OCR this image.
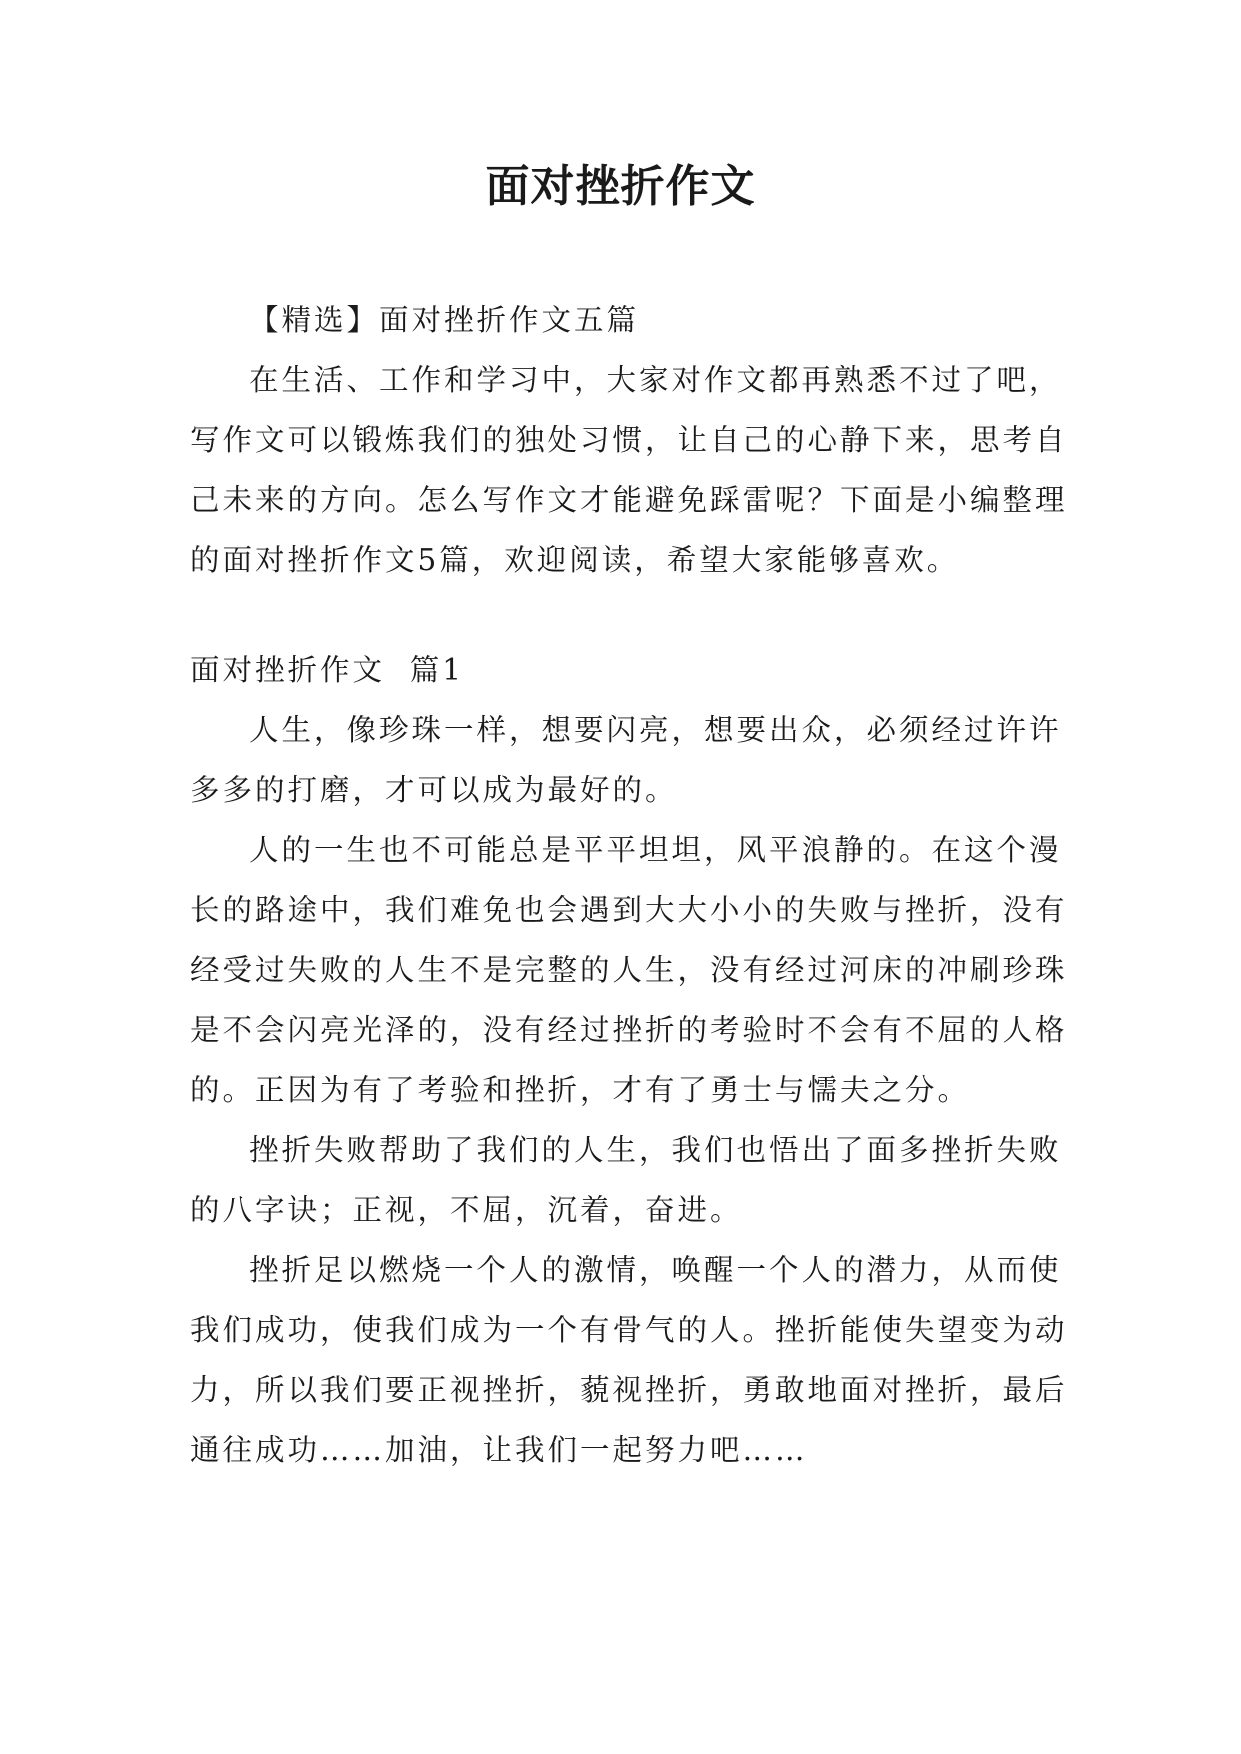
面对挫折作文

【精选】面对挫折作文五篇

在生活、工作和学习中，大家对作文都再熟悉不过了吧，写作文可以锻炼我们的独处习惯，让自己的心静下来，思考自己未来的方向。怎么写作文才能避免踩雷呢？下面是小编整理的面对挫折作文5篇，欢迎阅读，希望大家能够喜欢。

面对挫折作文  篇1

人生，像珍珠一样，想要闪亮，想要出众，必须经过许许多多的打磨，才可以成为最好的。

人的一生也不可能总是平平坦坦，风平浪静的。在这个漫长的路途中，我们难免也会遇到大大小小的失败与挫折，没有经受过失败的人生不是完整的人生，没有经过河床的冲刷珍珠是不会闪亮光泽的，没有经过挫折的考验时不会有不屈的人格的。正因为有了考验和挫折，才有了勇士与懦夫之分。

挫折失败帮助了我们的人生，我们也悟出了面多挫折失败的八字诀；正视，不屈，沉着，奋进。

挫折足以燃烧一个人的激情，唤醒一个人的潜力，从而使我们成功，使我们成为一个有骨气的人。挫折能使失望变为动力，所以我们要正视挫折，藐视挫折，勇敢地面对挫折，最后通往成功……加油，让我们一起努力吧……
